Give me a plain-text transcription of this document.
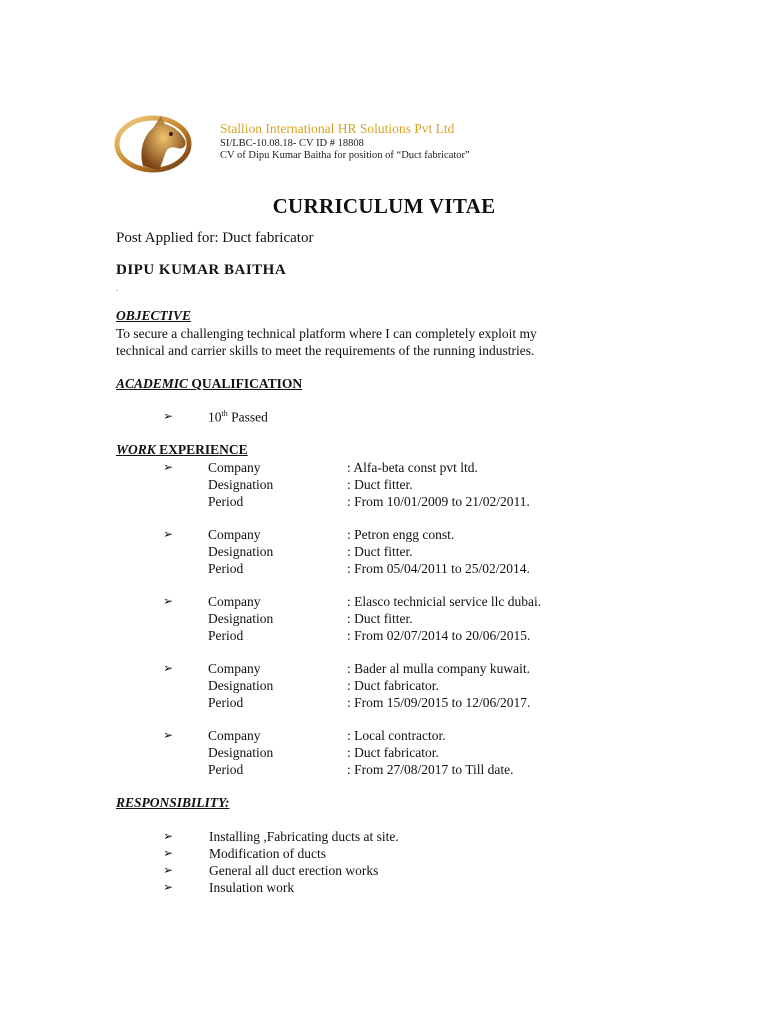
Stallion International HR Solutions Pvt Ltd
SI/LBC-10.08.18- CV ID # 18808
CV of Dipu Kumar Baitha for position of “Duct fabricator”
CURRICULUM VITAE
Post Applied for: Duct fabricator
DIPU KUMAR BAITHA
.
OBJECTIVE
To secure a challenging technical platform where I can completely exploit my
technical and carrier skills to meet the requirements of the running industries.
ACADEMIC QUALIFICATION
➢	10th Passed
WORK EXPERIENCE
➢	Company	: Alfa-beta const pvt ltd.
Designation	: Duct fitter.
Period	: From 10/01/2009 to 21/02/2011.
➢	Company	: Petron engg const.
Designation	: Duct fitter.
Period	: From 05/04/2011 to 25/02/2014.
➢	Company	: Elasco technicial service llc dubai.
Designation	: Duct fitter.
Period	: From 02/07/2014 to 20/06/2015.
➢	Company	: Bader al mulla company kuwait.
Designation	: Duct fabricator.
Period	: From 15/09/2015 to 12/06/2017.
➢	Company	: Local contractor.
Designation	: Duct fabricator.
Period	: From 27/08/2017 to Till date.
RESPONSIBILITY:
➢	Installing ,Fabricating ducts at site.
➢	Modification of ducts
➢	General all duct erection works
➢	Insulation work
